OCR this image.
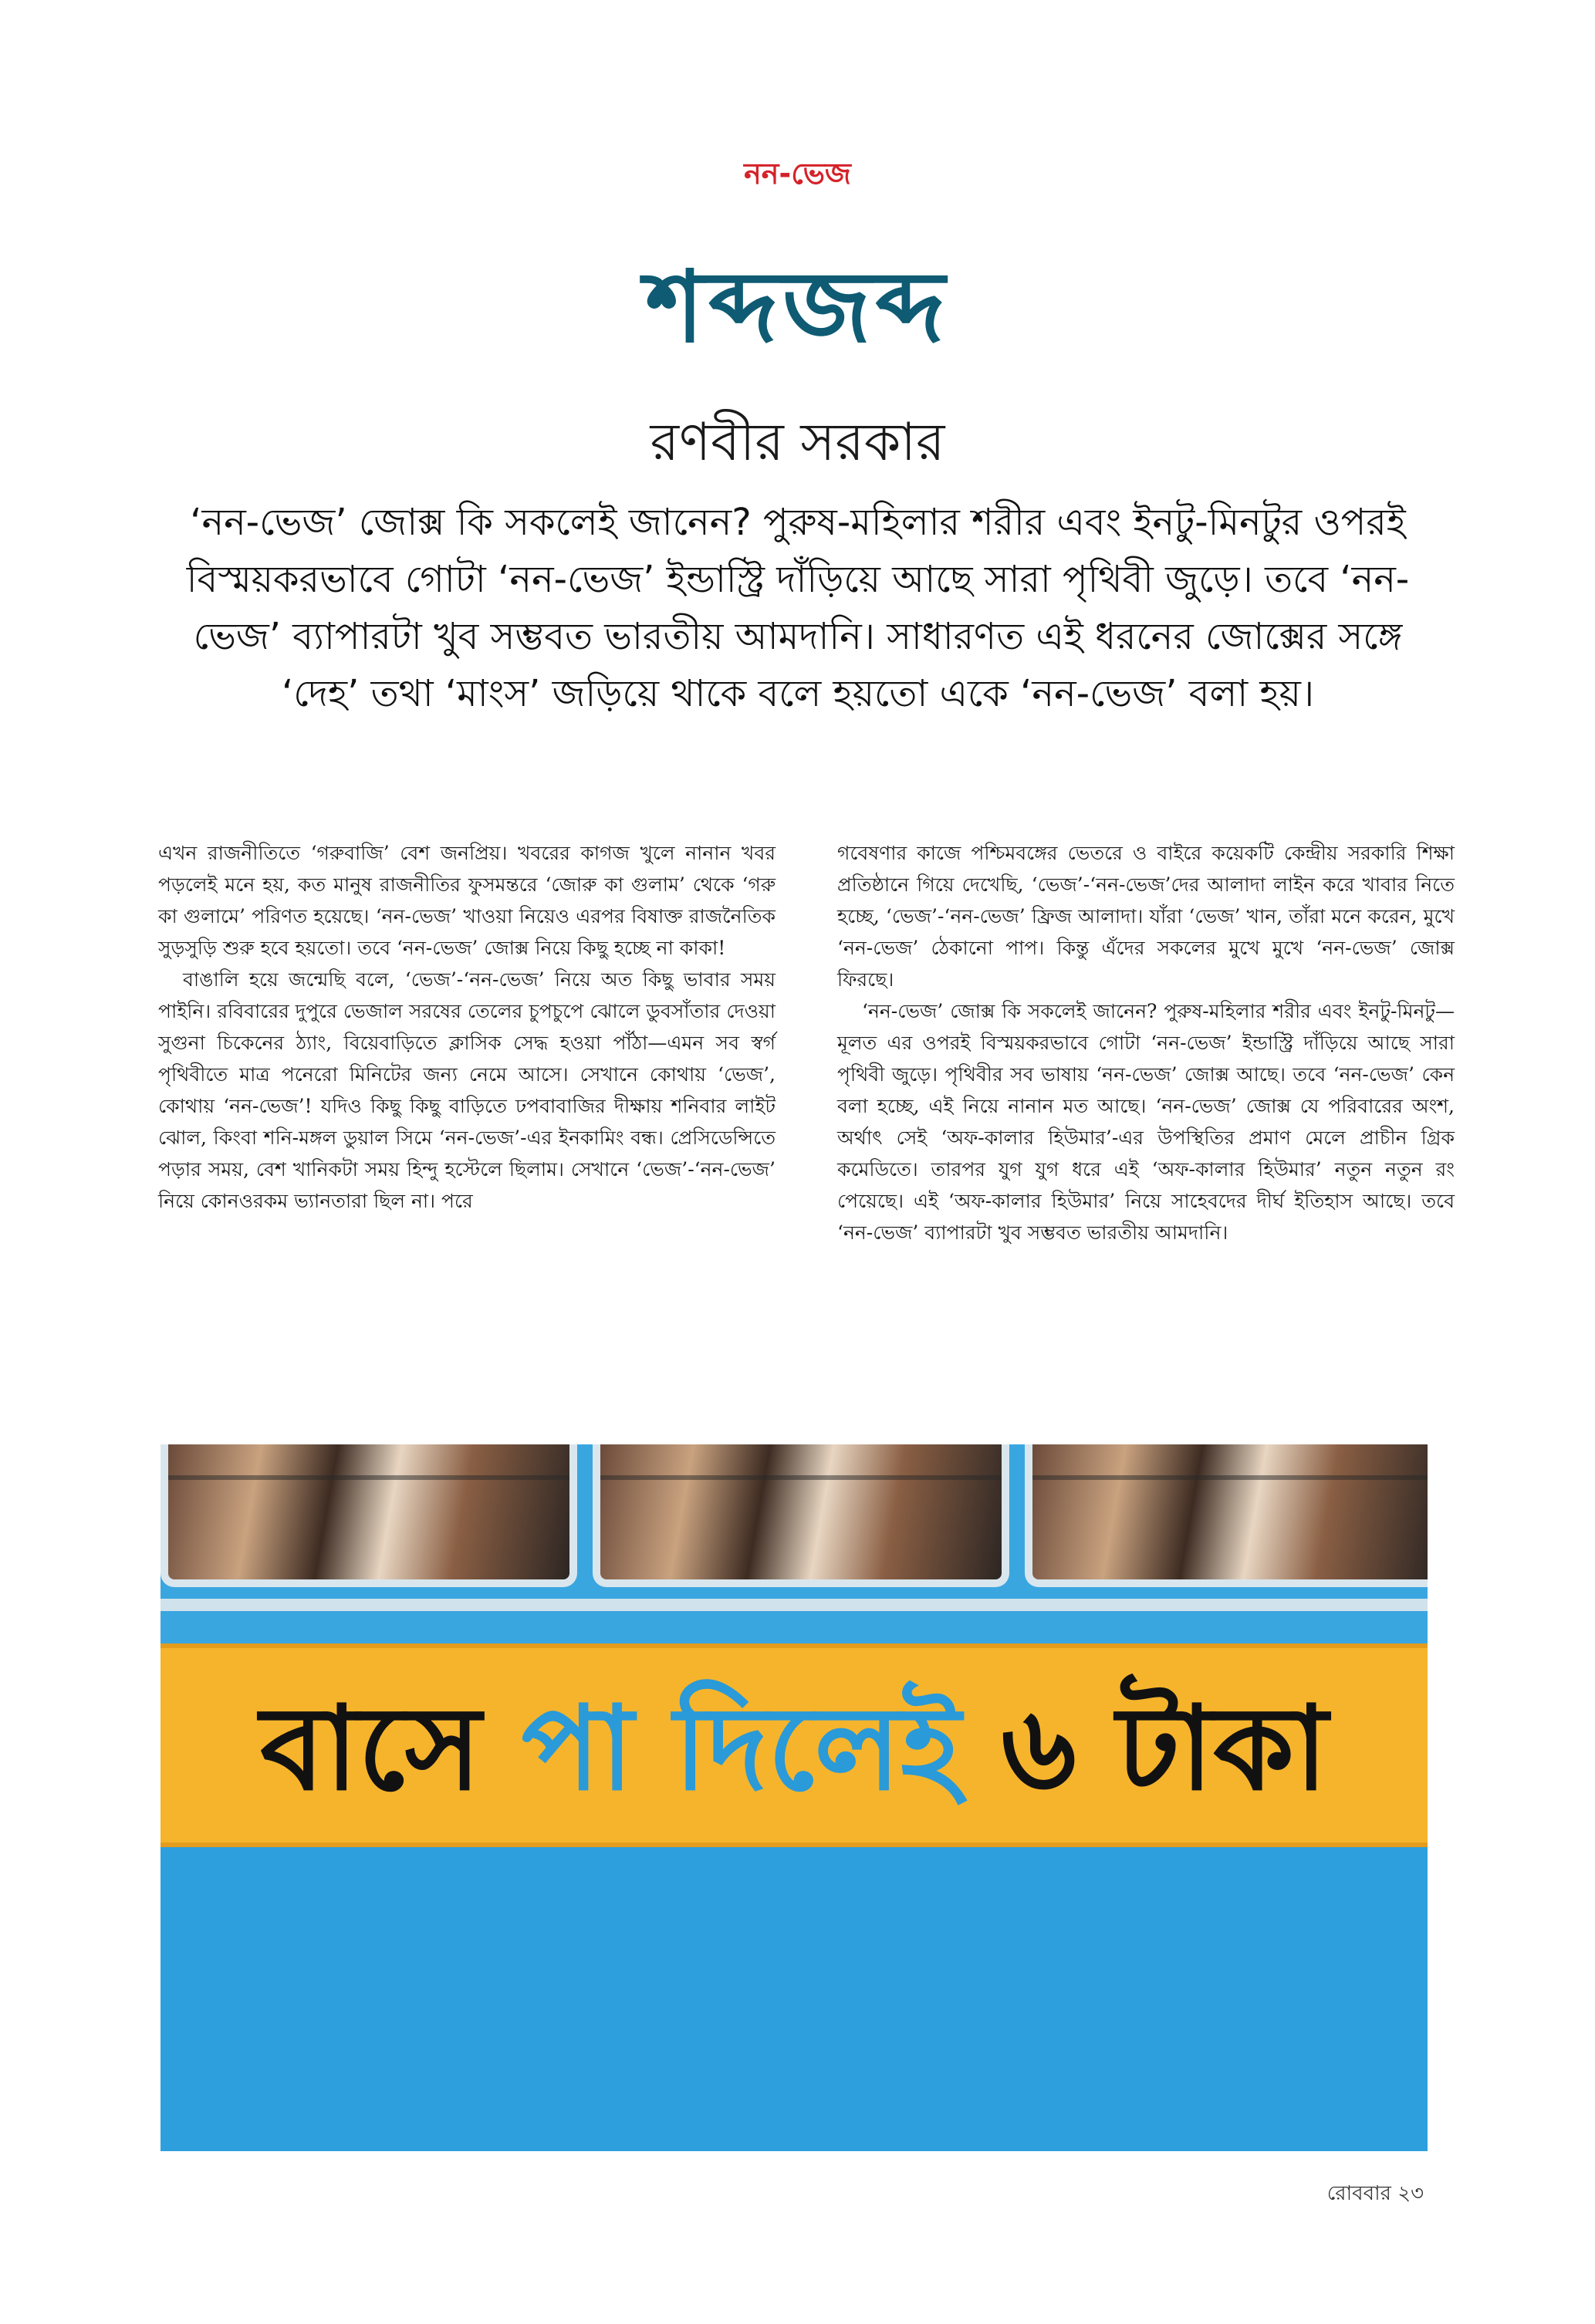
নন-ভেজ
শব্দজব্দ
রণবীর সরকার

‘নন-ভেজ’ জোক্স কি সকলেই জানেন? পুরুষ-মহিলার শরীর এবং ইনটু-মিনটুর ওপরই বিস্ময়করভাবে গোটা ‘নন-ভেজ’ ইন্ডাস্ট্রি দাঁড়িয়ে আছে সারা পৃথিবী জুড়ে। তবে ‘নন-ভেজ’ ব্যাপারটা খুব সম্ভবত ভারতীয় আমদানি। সাধারণত এই ধরনের জোক্সের সঙ্গে ‘দেহ’ তথা ‘মাংস’ জড়িয়ে থাকে বলে হয়তো একে ‘নন-ভেজ’ বলা হয়।

এখন রাজনীতিতে ‘গরুবাজি’ বেশ জনপ্রিয়। খবরের কাগজ খুলে নানান খবর পড়লেই মনে হয়, কত মানুষ রাজনীতির ফুসমন্তরে ‘জোরু কা গুলাম’ থেকে ‘গরু কা গুলামে’ পরিণত হয়েছে। ‘নন-ভেজ’ খাওয়া নিয়েও এরপর বিষাক্ত রাজনৈতিক সুড়সুড়ি শুরু হবে হয়তো। তবে ‘নন-ভেজ’ জোক্স নিয়ে কিছু হচ্ছে না কাকা!

বাঙালি হয়ে জন্মেছি বলে, ‘ভেজ’-‘নন-ভেজ’ নিয়ে অত কিছু ভাবার সময় পাইনি। রবিবারের দুপুরে ভেজাল সরষের তেলের চুপচুপে ঝোলে ডুবসাঁতার দেওয়া সুগুনা চিকেনের ঠ্যাং, বিয়েবাড়িতে ক্লাসিক সেদ্ধ হওয়া পাঁঠা—এমন সব স্বর্গ পৃথিবীতে মাত্র পনেরো মিনিটের জন্য নেমে আসে। সেখানে কোথায় ‘ভেজ’, কোথায় ‘নন-ভেজ’! যদিও কিছু কিছু বাড়িতে ঢপবাবাজির দীক্ষায় শনিবার লাইট ঝোল, কিংবা শনি-মঙ্গল ডুয়াল সিমে ‘নন-ভেজ’-এর ইনকামিং বন্ধ। প্রেসিডেন্সিতে পড়ার সময়, বেশ খানিকটা সময় হিন্দু হস্টেলে ছিলাম। সেখানে ‘ভেজ’-‘নন-ভেজ’ নিয়ে কোনওরকম ভ্যানতারা ছিল না। পরে

গবেষণার কাজে পশ্চিমবঙ্গের ভেতরে ও বাইরে কয়েকটি কেন্দ্রীয় সরকারি শিক্ষা প্রতিষ্ঠানে গিয়ে দেখেছি, ‘ভেজ’-‘নন-ভেজ’দের আলাদা লাইন করে খাবার নিতে হচ্ছে, ‘ভেজ’-‘নন-ভেজ’ ফ্রিজ আলাদা। যাঁরা ‘ভেজ’ খান, তাঁরা মনে করেন, মুখে ‘নন-ভেজ’ ঠেকানো পাপ। কিন্তু এঁদের সকলের মুখে মুখে ‘নন-ভেজ’ জোক্স ফিরছে।

‘নন-ভেজ’ জোক্স কি সকলেই জানেন? পুরুষ-মহিলার শরীর এবং ইনটু-মিনটু—মূলত এর ওপরই বিস্ময়করভাবে গোটা ‘নন-ভেজ’ ইন্ডাস্ট্রি দাঁড়িয়ে আছে সারা পৃথিবী জুড়ে। পৃথিবীর সব ভাষায় ‘নন-ভেজ’ জোক্স আছে। তবে ‘নন-ভেজ’ কেন বলা হচ্ছে, এই নিয়ে নানান মত আছে। ‘নন-ভেজ’ জোক্স যে পরিবারের অংশ, অর্থাৎ সেই ‘অফ-কালার হিউমার’-এর উপস্থিতির প্রমাণ মেলে প্রাচীন গ্রিক কমেডিতে। তারপর যুগ যুগ ধরে এই ‘অফ-কালার হিউমার’ নতুন নতুন রং পেয়েছে। এই ‘অফ-কালার হিউমার’ নিয়ে সাহেবদের দীর্ঘ ইতিহাস আছে। তবে ‘নন-ভেজ’ ব্যাপারটা খুব সম্ভবত ভারতীয় আমদানি।

বাসে পা দিলেই ৬ টাকা
রোববার ২৩
